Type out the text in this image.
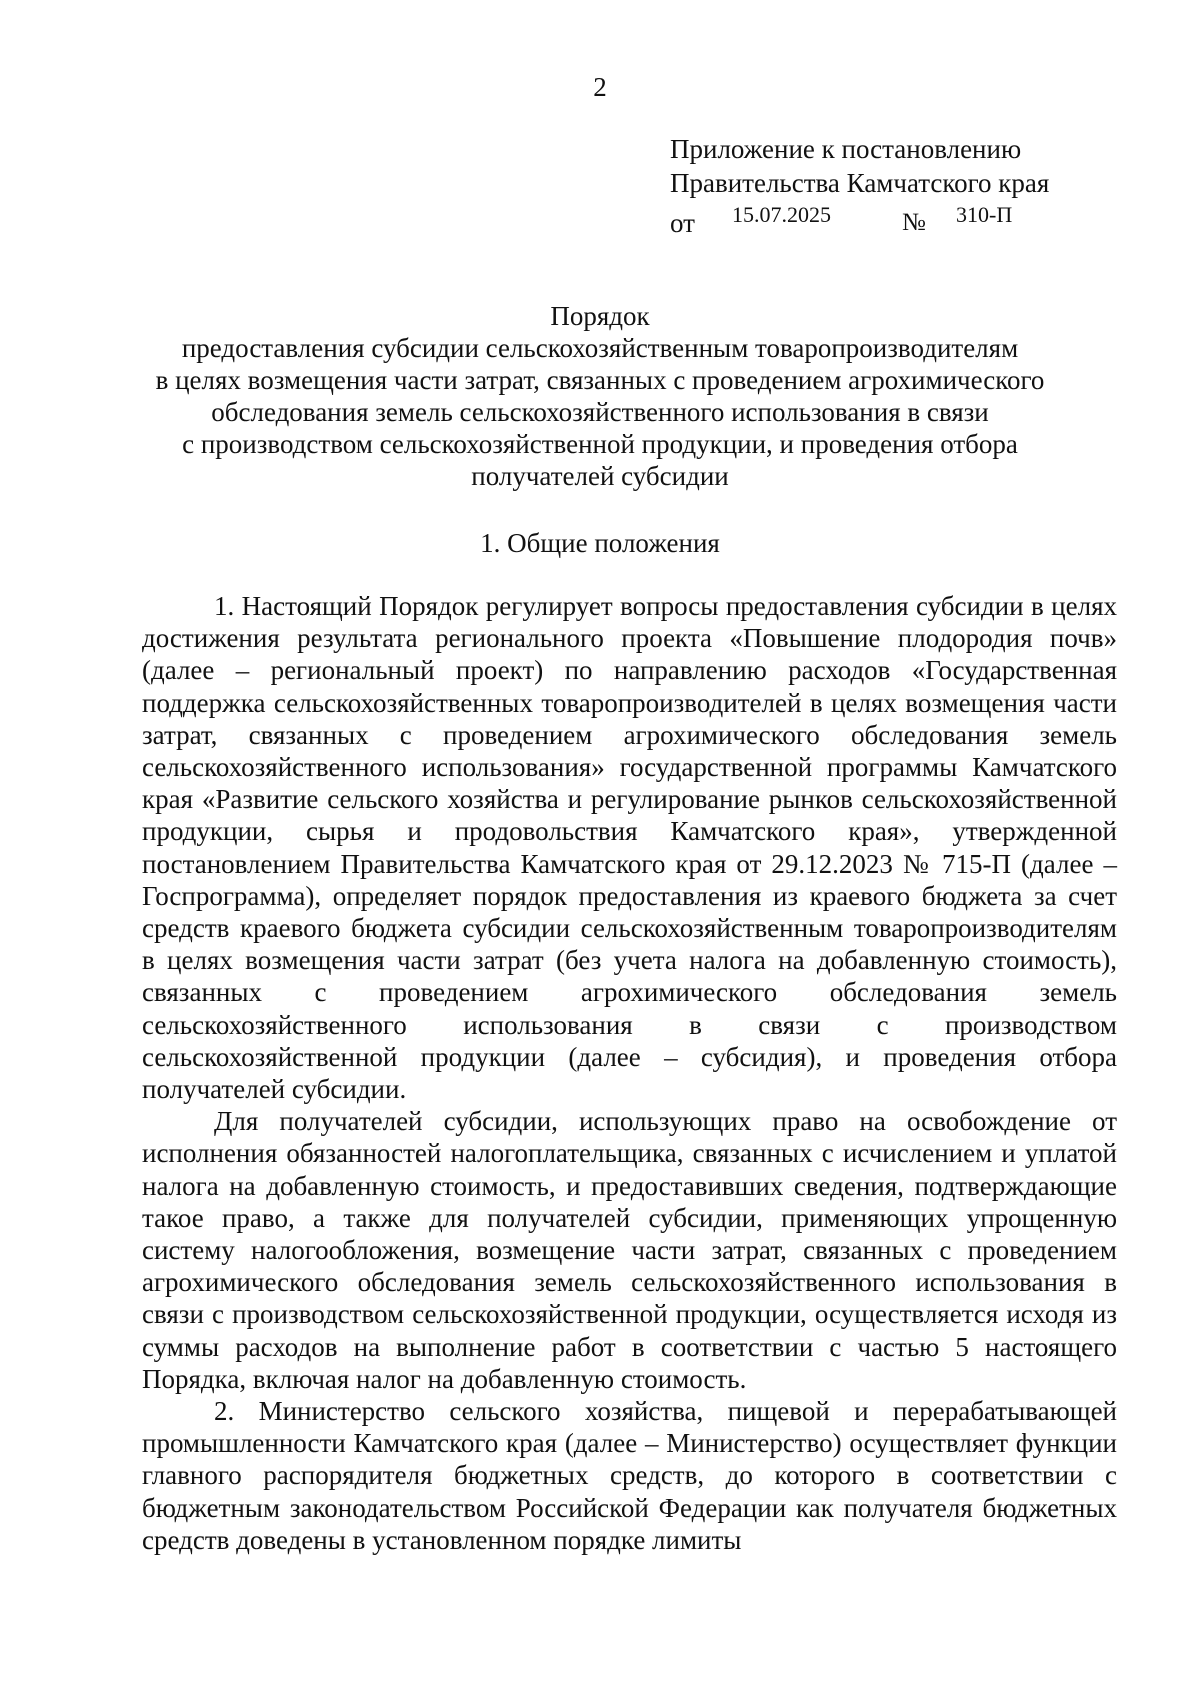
2
Приложение к постановлению
Правительства Камчатского края
от 15.07.2025	№ 310-П
Порядок
предоставления субсидии сельскохозяйственным товаропроизводителям
в целях возмещения части затрат, связанных с проведением агрохимического
обследования земель сельскохозяйственного использования в связи
с производством сельскохозяйственной продукции, и проведения отбора
получателей субсидии
1. Общие положения

1. Настоящий Порядок регулирует вопросы предоставления субсидии в целях достижения результата регионального проекта «Повышение плодородия почв» (далее – региональный проект) по направлению расходов «Государственная поддержка сельскохозяйственных товаропроизводителей в целях возмещения части затрат, связанных с проведением агрохимического обследования земель сельскохозяйственного использования» государственной программы Камчатского края «Развитие сельского хозяйства и регулирование рынков сельскохозяйственной продукции, сырья и продовольствия Камчатского края», утвержденной постановлением Правительства Камчатского края от 29.12.2023 № 715-П (далее – Госпрограмма), определяет порядок предоставления из краевого бюджета за счет средств краевого бюджета субсидии сельскохозяйственным товаропроизводителям в целях возмещения части затрат (без учета налога на добавленную стоимость), связанных с проведением агрохимического обследования земель сельскохозяйственного использования в связи с производством сельскохозяйственной продукции (далее – субсидия), и проведения отбора получателей субсидии.

Для получателей субсидии, использующих право на освобождение от исполнения обязанностей налогоплательщика, связанных с исчислением и уплатой налога на добавленную стоимость, и предоставивших сведения, подтверждающие такое право, а также для получателей субсидии, применяющих упрощенную систему налогообложения, возмещение части затрат, связанных с проведением агрохимического обследования земель сельскохозяйственного использования в связи с производством сельскохозяйственной продукции, осуществляется исходя из суммы расходов на выполнение работ в соответствии с частью 5 настоящего Порядка, включая налог на добавленную стоимость.

2. Министерство сельского хозяйства, пищевой и перерабатывающей промышленности Камчатского края (далее – Министерство) осуществляет функции главного распорядителя бюджетных средств, до которого в соответствии с бюджетным законодательством Российской Федерации как получателя бюджетных средств доведены в установленном порядке лимиты
